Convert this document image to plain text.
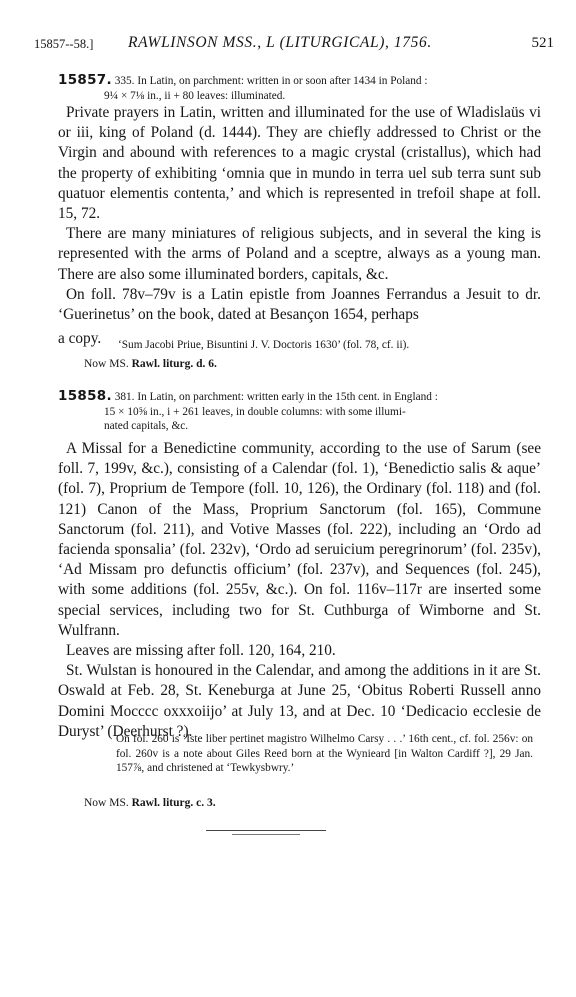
15857--58.] RAWLINSON MSS., L (LITURGICAL), 1756.	521
15857. 335. In Latin, on parchment: written in or soon after 1434 in Poland :
9¼ × 7⅛ in., ii + 80 leaves: illuminated.

Private prayers in Latin, written and illuminated for the use of Wladislaüs vi or iii, king of Poland (d. 1444). They are chiefly addressed to Christ or the Virgin and abound with references to a magic crystal (cristallus), which had the property of exhibiting ‘omnia que in mundo in terra uel sub terra sunt sub quatuor elementis contenta,’ and which is represented in trefoil shape at foll. 15, 72.

There are many miniatures of religious subjects, and in several the king is represented with the arms of Poland and a sceptre, always as a young man. There are also some illuminated borders, capitals, &c.

On foll. 78v–79v is a Latin epistle from Joannes Ferrandus a Jesuit to dr. ‘Guerinetus’ on the book, dated at Besançon 1654, perhaps

a copy.	‘Sum Jacobi Priue, Bisuntini J. V. Doctoris 1630’ (fol. 78, cf. ii).
Now MS. Rawl. liturg. d. 6.
15858. 381. In Latin, on parchment: written early in the 15th cent. in England :
15 × 10⅝ in., i + 261 leaves, in double columns: with some illumi-
nated capitals, &c.

A Missal for a Benedictine community, according to the use of Sarum (see foll. 7, 199v, &c.), consisting of a Calendar (fol. 1), ‘Benedictio salis & aque’ (fol. 7), Proprium de Tempore (foll. 10, 126), the Ordinary (fol. 118) and (fol. 121) Canon of the Mass, Proprium Sanctorum (fol. 165), Commune Sanctorum (fol. 211), and Votive Masses (fol. 222), including an ‘Ordo ad facienda sponsalia’ (fol. 232v), ‘Ordo ad seruicium peregrinorum’ (fol. 235v), ‘Ad Missam pro defunctis officium’ (fol. 237v), and Sequences (fol. 245), with some additions (fol. 255v, &c.). On fol. 116v–117r are inserted some special services, including two for St. Cuthburga of Wimborne and St. Wulfrann.

Leaves are missing after foll. 120, 164, 210.

St. Wulstan is honoured in the Calendar, and among the additions in it are St. Oswald at Feb. 28, St. Keneburga at June 25, ‘Obitus Roberti Russell anno Domini Mocccc oxxxoiijo’ at July 13, and at Dec. 10 ‘Dedicacio ecclesie de Duryst’ (Deerhurst ?).

On fol. 260 is ‘Iste liber pertinet magistro Wilhelmo Carsy . . .’ 16th cent., cf. fol. 256v: on fol. 260v is a note about Giles Reed born at the Wynieard [in Walton Cardiff ?], 29 Jan. 157⅞, and christened at ‘Tewkysbwry.’
Now MS. Rawl. liturg. c. 3.
